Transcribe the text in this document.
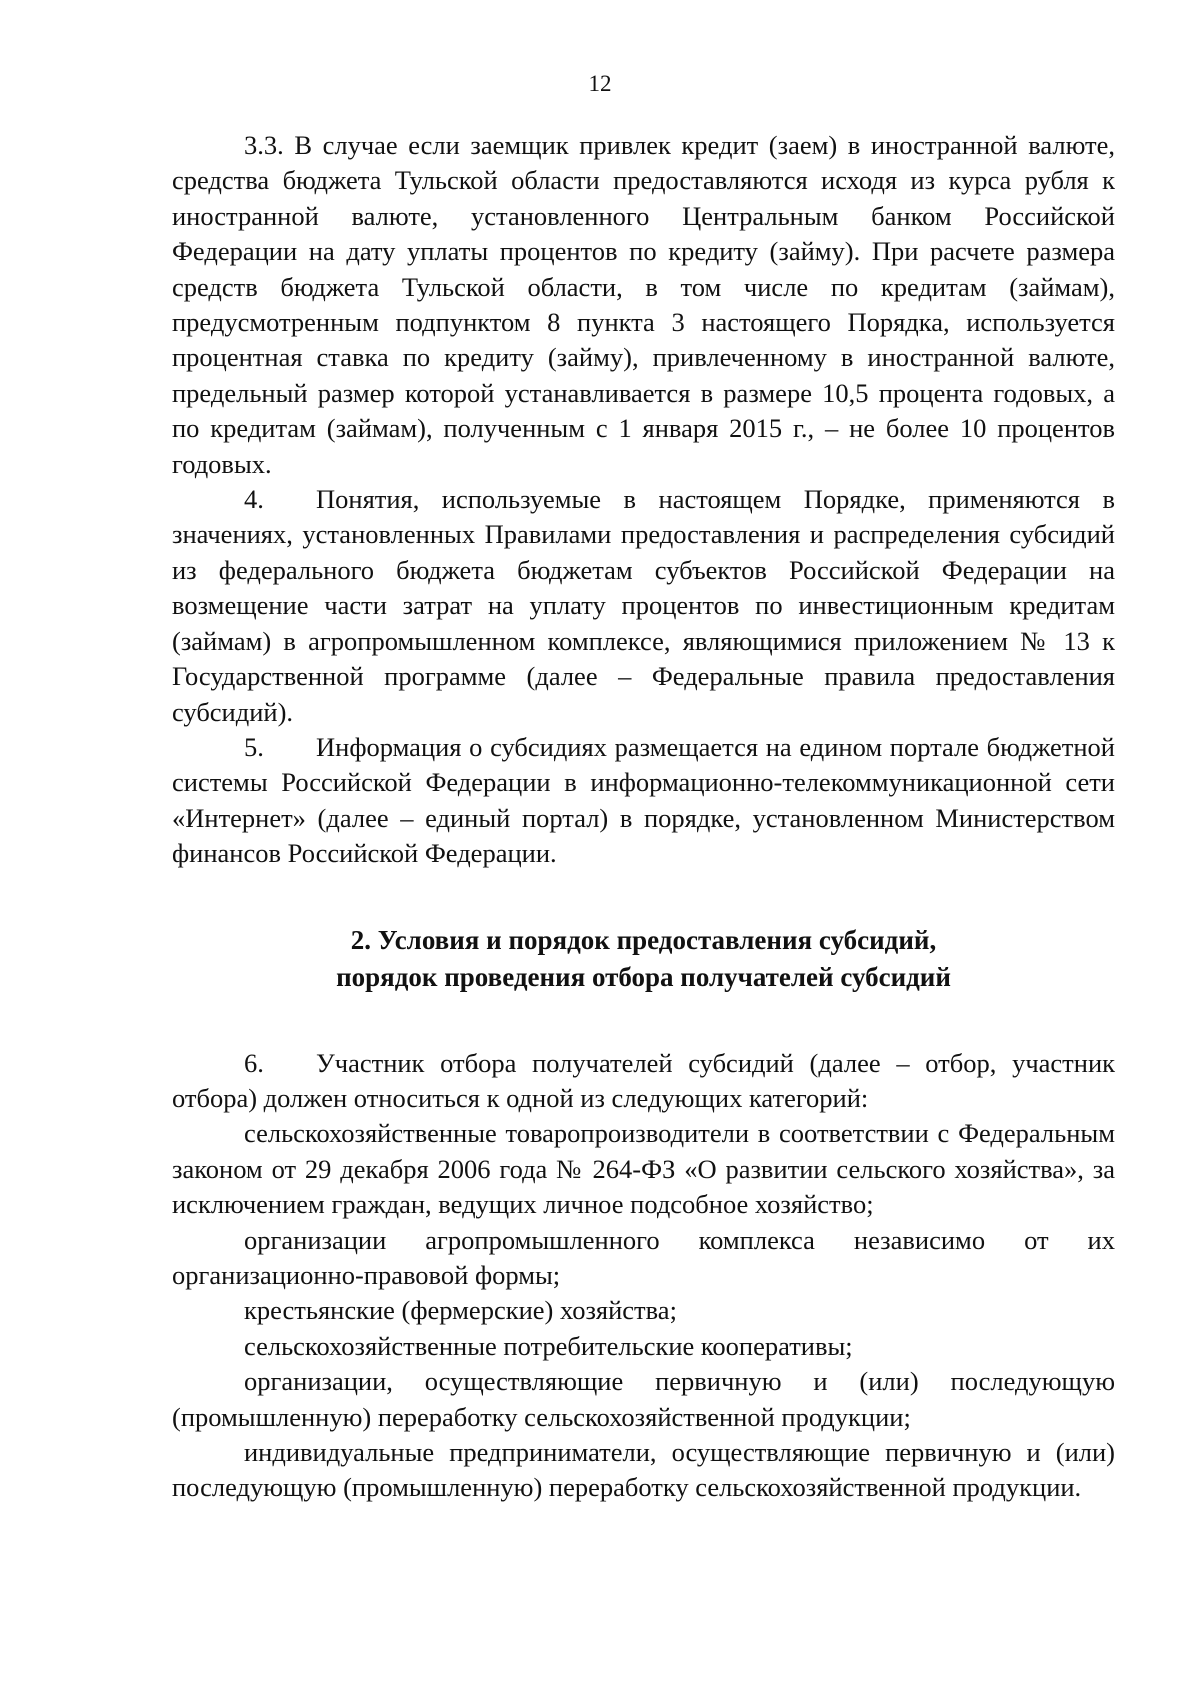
12

3.3. В случае если заемщик привлек кредит (заем) в иностранной валюте, средства бюджета Тульской области предоставляются исходя из курса рубля к иностранной валюте, установленного Центральным банком Российской Федерации на дату уплаты процентов по кредиту (займу). При расчете размера средств бюджета Тульской области, в том числе по кредитам (займам), предусмотренным подпунктом 8 пункта 3 настоящего Порядка, используется процентная ставка по кредиту (займу), привлеченному в иностранной валюте, предельный размер которой устанавливается в размере 10,5 процента годовых, а по кредитам (займам), полученным с 1 января 2015 г., – не более 10 процентов годовых.

4. Понятия, используемые в настоящем Порядке, применяются в значениях, установленных Правилами предоставления и распределения субсидий из федерального бюджета бюджетам субъектов Российской Федерации на возмещение части затрат на уплату процентов по инвестиционным кредитам (займам) в агропромышленном комплексе, являющимися приложением № 13 к Государственной программе (далее – Федеральные правила предоставления субсидий).

5. Информация о субсидиях размещается на едином портале бюджетной системы Российской Федерации в информационно-телекоммуникационной сети «Интернет» (далее – единый портал) в порядке, установленном Министерством финансов Российской Федерации.

2. Условия и порядок предоставления субсидий,
порядок проведения отбора получателей субсидий

6. Участник отбора получателей субсидий (далее – отбор, участник отбора) должен относиться к одной из следующих категорий:

сельскохозяйственные товаропроизводители в соответствии с Федеральным законом от 29 декабря 2006 года № 264-ФЗ «О развитии сельского хозяйства», за исключением граждан, ведущих личное подсобное хозяйство;

организации агропромышленного комплекса независимо от их организационно-правовой формы;

крестьянские (фермерские) хозяйства;

сельскохозяйственные потребительские кооперативы;

организации, осуществляющие первичную и (или) последующую (промышленную) переработку сельскохозяйственной продукции;

индивидуальные предприниматели, осуществляющие первичную и (или) последующую (промышленную) переработку сельскохозяйственной продукции.
